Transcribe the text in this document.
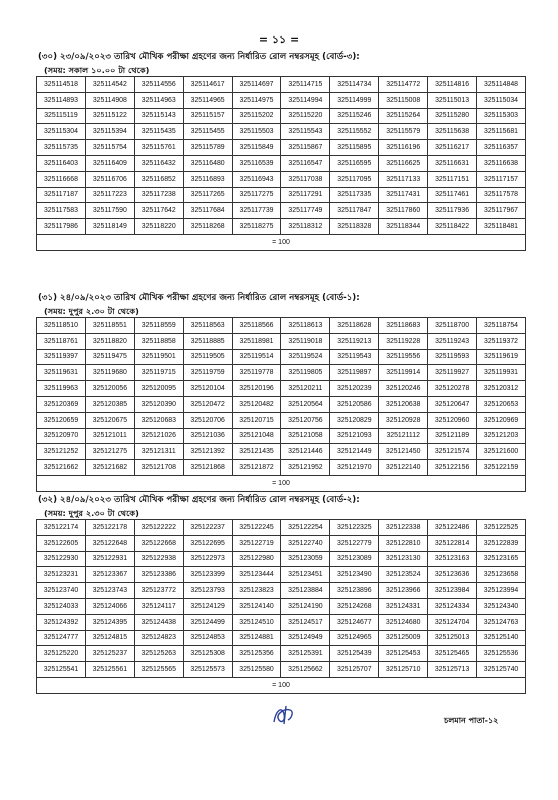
= ১১ =
(৩০) ২৩/০৯/২০২৩ তারিখ মৌখিক পরীক্ষা গ্রহণের জন্য নির্ধারিত রোল নম্বরসমূহ (বোর্ড-৩):
(সময়: সকাল ১০.০০ টা থেকে)
325114518	325114542	325114556	325114617	325114697	325114715	325114734	325114772	325114816	325114848
325114893	325114908	325114963	325114965	325114975	325114994	325114999	325115008	325115013	325115034
325115119	325115122	325115143	325115157	325115202	325115220	325115246	325115264	325115280	325115303
325115304	325115394	325115435	325115455	325115503	325115543	325115552	325115579	325115638	325115681
325115735	325115754	325115761	325115789	325115849	325115867	325115895	325116196	325116217	325116357
325116403	325116409	325116432	325116480	325116539	325116547	325116595	325116625	325116631	325116638
325116668	325116706	325116852	325116893	325116943	325117038	325117095	325117133	325117151	325117157
325117187	325117223	325117238	325117265	325117275	325117291	325117335	325117431	325117461	325117578
325117583	325117590	325117642	325117684	325117739	325117749	325117847	325117860	325117936	325117967
325117986	325118149	325118220	325118268	325118275	325118312	325118328	325118344	325118422	325118481
= 100									
(৩১) ২৪/০৯/২০২৩ তারিখ মৌখিক পরীক্ষা গ্রহণের জন্য নির্ধারিত রোল নম্বরসমূহ (বোর্ড-১):
(সময়: দুপুর ২.৩০ টা থেকে)
325118510	325118551	325118559	325118563	325118566	325118613	325118628	325118683	325118700	325118754
325118761	325118820	325118858	325118885	325118981	325119018	325119213	325119228	325119243	325119372
325119397	325119475	325119501	325119505	325119514	325119524	325119543	325119556	325119593	325119619
325119631	325119680	325119715	325119759	325119778	325119805	325119897	325119914	325119927	325119931
325119963	325120056	325120095	325120104	325120196	325120211	325120239	325120246	325120278	325120312
325120369	325120385	325120390	325120472	325120482	325120564	325120586	325120638	325120647	325120653
325120659	325120675	325120683	325120706	325120715	325120756	325120829	325120928	325120960	325120969
325120970	325121011	325121026	325121036	325121048	325121058	325121093	325121112	325121189	325121203
325121252	325121275	325121311	325121392	325121435	325121446	325121449	325121450	325121574	325121600
325121662	325121682	325121708	325121868	325121872	325121952	325121970	325122140	325122156	325122159
= 100									
(৩২) ২৪/০৯/২০২৩ তারিখ মৌখিক পরীক্ষা গ্রহণের জন্য নির্ধারিত রোল নম্বরসমূহ (বোর্ড-২):
(সময়: দুপুর ২.৩০ টা থেকে)
325122174	325122178	325122222	325122237	325122245	325122254	325122325	325122338	325122486	325122525
325122605	325122648	325122668	325122695	325122719	325122740	325122779	325122810	325122814	325122839
325122930	325122931	325122938	325122973	325122980	325123059	325123089	325123130	325123163	325123165
325123231	325123367	325123386	325123399	325123444	325123451	325123490	325123524	325123636	325123658
325123740	325123743	325123772	325123793	325123823	325123884	325123896	325123966	325123984	325123994
325124033	325124066	325124117	325124129	325124140	325124190	325124268	325124331	325124334	325124340
325124392	325124395	325124438	325124499	325124510	325124517	325124677	325124680	325124704	325124763
325124777	325124815	325124823	325124853	325124881	325124949	325124965	325125009	325125013	325125140
325125220	325125237	325125263	325125308	325125356	325125391	325125439	325125453	325125465	325125536
325125541	325125561	325125565	325125573	325125580	325125662	325125707	325125710	325125713	325125740
= 100									
চলমান পাতা-১২
